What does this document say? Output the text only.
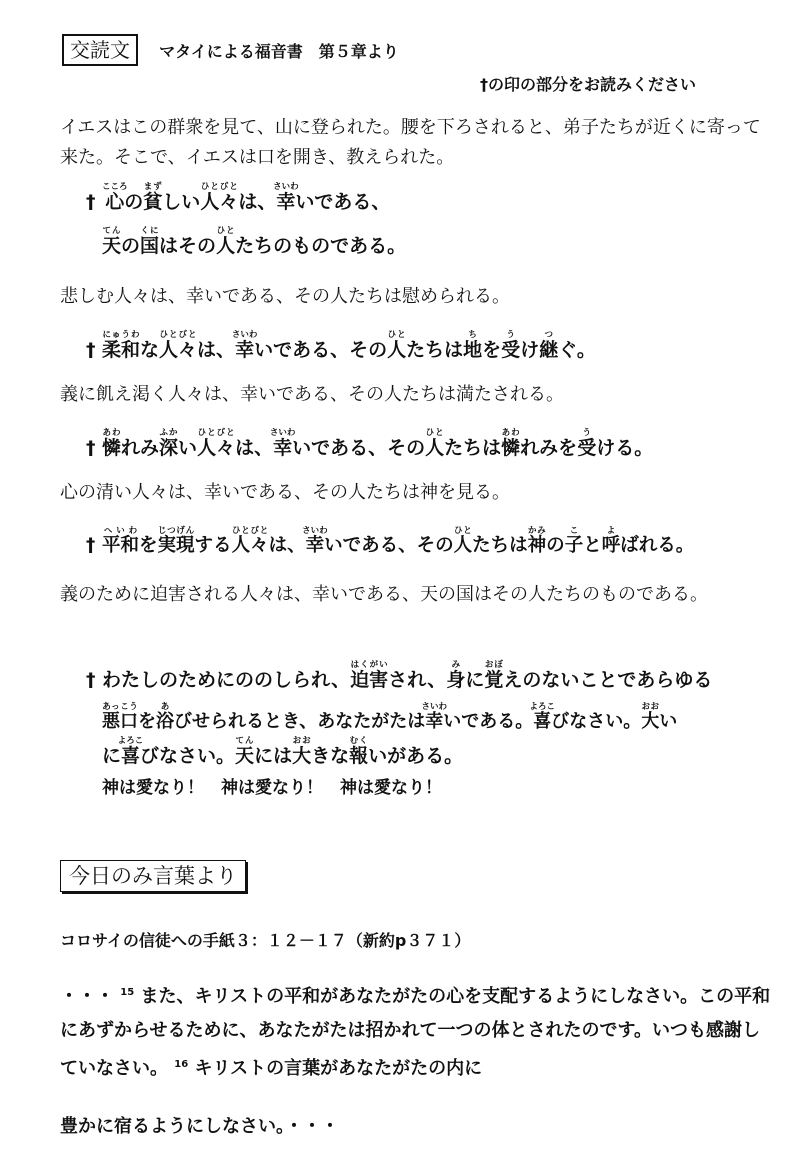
交読文 マタイによる福音書　第５章より
†の印の部分をお読みください
イエスはこの群衆を見て、山に登られた。腰を下ろされると、弟子たちが近くに寄って来た。そこで、イエスは口を開き、教えられた。
† 心こころの貧まずしい人々ひとびとは、幸さいわいである、
天てんの国くにはその人ひとたちのものである。
悲しむ人々は、幸いである、その人たちは慰められる。
† 柔和にゅうわな人々ひとびとは、幸さいわいである、その人ひとたちは地ちを受うけ継つぐ。
義に飢え渇く人々は、幸いである、その人たちは満たされる。
† 憐あわれみ深ふかい人々ひとびとは、幸さいわいである、その人ひとたちは憐あわれみを受うける。
心の清い人々は、幸いである、その人たちは神を見る。
† 平和へいわを実現じつげんする人々ひとびとは、幸さいわいである、その人ひとたちは神かみの子こと呼よばれる。
義のために迫害される人々は、幸いである、天の国はその人たちのものである。
† わたしのためにののしられ、迫害はくがいされ、身みに覚おぼえのないことであらゆる
悪口あっこうを浴あびせられるとき、あなたがたは幸さいわいである。喜よろこびなさい。大おおい
に喜よろこびなさい。天てんには大おおきな報むくいがある。
神は愛なり！　神は愛なり！　神は愛なり！
今日のみ言葉より
コロサイの信徒への手紙３：１２－１７（新約p３７１）
・・・ $^{15}$ また、キリストの平和があなたがたの心を支配するようにしなさい。この平和にあずからせるために、あなたがたは招かれて一つの体とされたのです。いつも感謝していなさい。 $^{16}$ キリストの言葉があなたがたの内に
豊かに宿るようにしなさい。・・・
